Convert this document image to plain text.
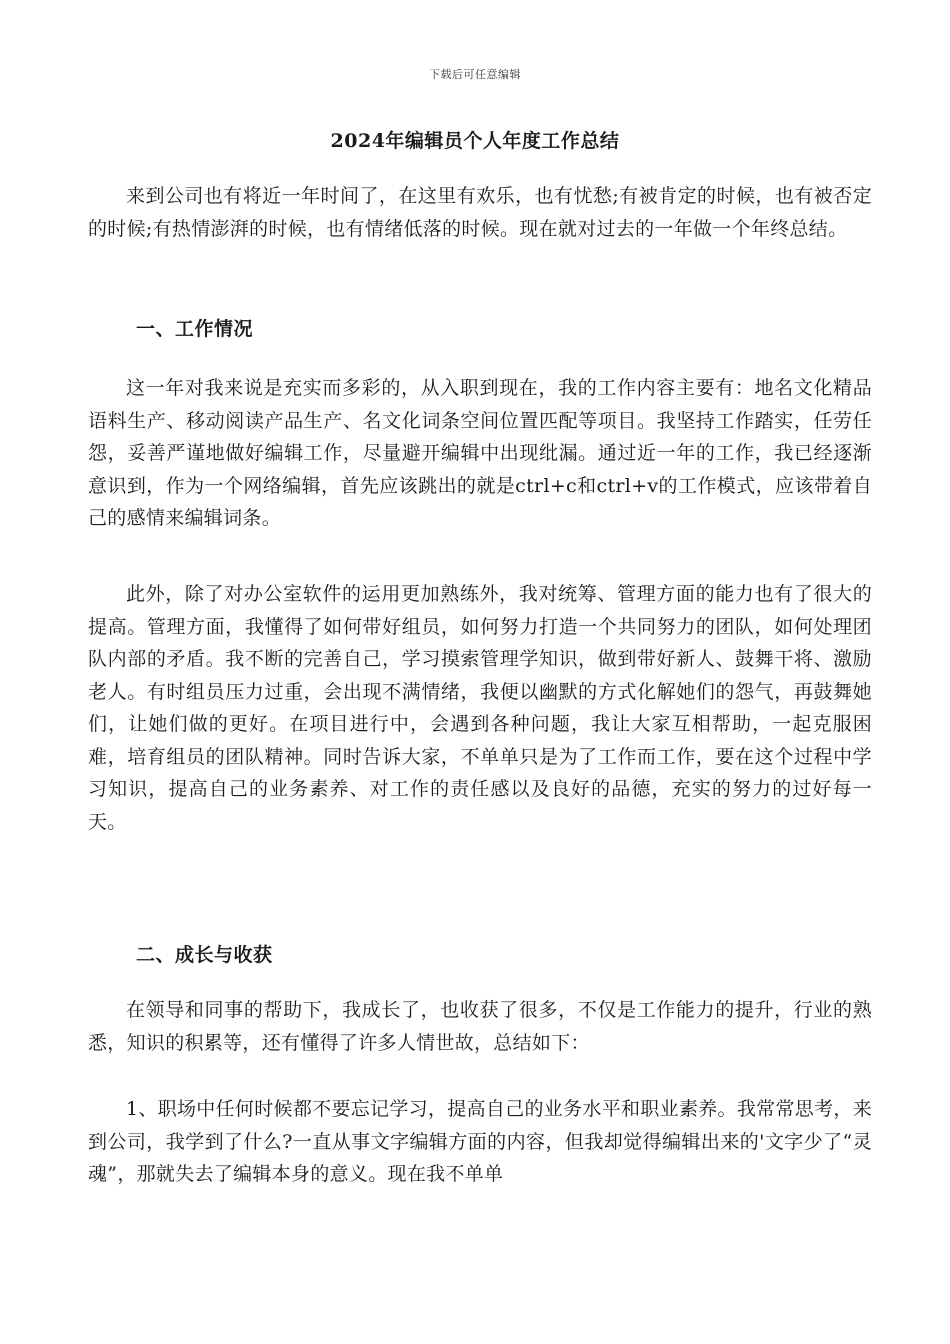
下载后可任意编辑
2024年编辑员个人年度工作总结

来到公司也有将近一年时间了，在这里有欢乐，也有忧愁;有被肯定的时候，也有被否定的时候;有热情澎湃的时候，也有情绪低落的时候。现在就对过去的一年做一个年终总结。

一、工作情况

这一年对我来说是充实而多彩的，从入职到现在，我的工作内容主要有：地名文化精品语料生产、移动阅读产品生产、名文化词条空间位置匹配等项目。我坚持工作踏实，任劳任怨，妥善严谨地做好编辑工作，尽量避开编辑中出现纰漏。通过近一年的工作，我已经逐渐意识到，作为一个网络编辑，首先应该跳出的就是ctrl+c和ctrl+v的工作模式，应该带着自己的感情来编辑词条。

此外，除了对办公室软件的运用更加熟练外，我对统筹、管理方面的能力也有了很大的提高。管理方面，我懂得了如何带好组员，如何努力打造一个共同努力的团队，如何处理团队内部的矛盾。我不断的完善自己，学习摸索管理学知识，做到带好新人、鼓舞干将、激励老人。有时组员压力过重，会出现不满情绪，我便以幽默的方式化解她们的怨气，再鼓舞她们，让她们做的更好。在项目进行中，会遇到各种问题，我让大家互相帮助，一起克服困难，培育组员的团队精神。同时告诉大家，不单单只是为了工作而工作，要在这个过程中学习知识，提高自己的业务素养、对工作的责任感以及良好的品德，充实的努力的过好每一天。

二、成长与收获

在领导和同事的帮助下，我成长了，也收获了很多，不仅是工作能力的提升，行业的熟悉，知识的积累等，还有懂得了许多人情世故，总结如下：

1、职场中任何时候都不要忘记学习，提高自己的业务水平和职业素养。我常常思考，来到公司，我学到了什么?一直从事文字编辑方面的内容，但我却觉得编辑出来的'文字少了“灵魂”，那就失去了编辑本身的意义。现在我不单单
